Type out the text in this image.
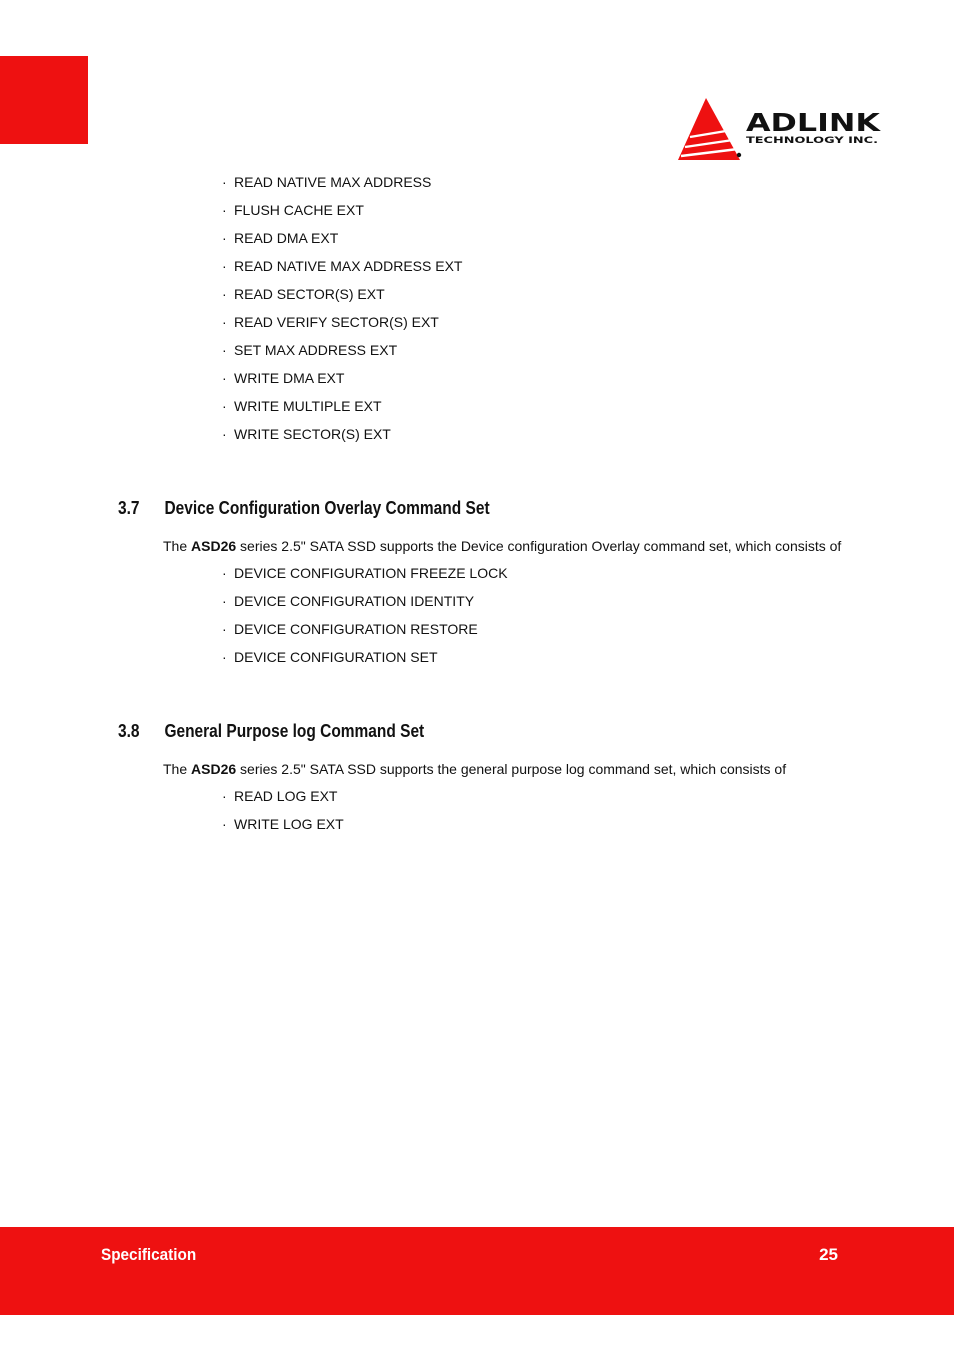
ADLINK
TECHNOLOGY INC.
· READ NATIVE MAX ADDRESS
· FLUSH CACHE EXT
· READ DMA EXT
· READ NATIVE MAX ADDRESS EXT
· READ SECTOR(S) EXT
· READ VERIFY SECTOR(S) EXT
· SET MAX ADDRESS EXT
· WRITE DMA EXT
· WRITE MULTIPLE EXT
· WRITE SECTOR(S) EXT
3.7 Device Configuration Overlay Command Set

The ASD26 series 2.5" SATA SSD supports the Device configuration Overlay command set, which consists of

· DEVICE CONFIGURATION FREEZE LOCK
· DEVICE CONFIGURATION IDENTITY
· DEVICE CONFIGURATION RESTORE
· DEVICE CONFIGURATION SET
3.8 General Purpose log Command Set

The ASD26 series 2.5" SATA SSD supports the general purpose log command set, which consists of

· READ LOG EXT
· WRITE LOG EXT
Specification	25
